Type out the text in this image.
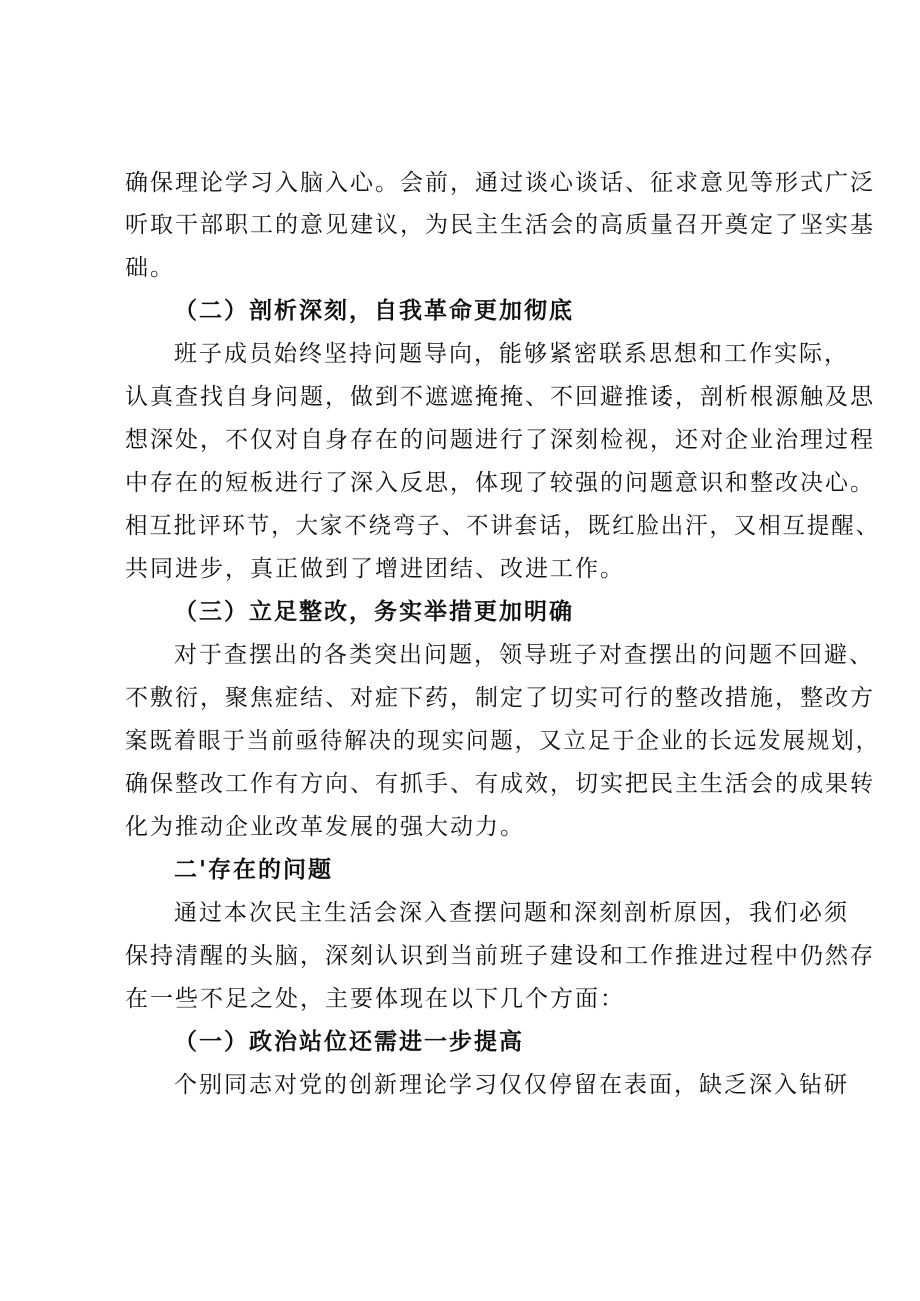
确保理论学习入脑入心。会前，通过谈心谈话、征求意见等形式广泛
听取干部职工的意见建议，为民主生活会的高质量召开奠定了坚实基
础。
（二）剖析深刻，自我革命更加彻底
班子成员始终坚持问题导向，能够紧密联系思想和工作实际，
认真查找自身问题，做到不遮遮掩掩、不回避推诿，剖析根源触及思
想深处，不仅对自身存在的问题进行了深刻检视，还对企业治理过程
中存在的短板进行了深入反思，体现了较强的问题意识和整改决心。
相互批评环节，大家不绕弯子、不讲套话，既红脸出汗，又相互提醒、
共同进步，真正做到了增进团结、改进工作。
（三）立足整改，务实举措更加明确
对于查摆出的各类突出问题，领导班子对查摆出的问题不回避、
不敷衍，聚焦症结、对症下药，制定了切实可行的整改措施，整改方
案既着眼于当前亟待解决的现实问题，又立足于企业的长远发展规划，
确保整改工作有方向、有抓手、有成效，切实把民主生活会的成果转
化为推动企业改革发展的强大动力。
二'存在的问题
通过本次民主生活会深入查摆问题和深刻剖析原因，我们必须
保持清醒的头脑，深刻认识到当前班子建设和工作推进过程中仍然存
在一些不足之处，主要体现在以下几个方面：
（一）政治站位还需进一步提高
个别同志对党的创新理论学习仅仅停留在表面，缺乏深入钻研
